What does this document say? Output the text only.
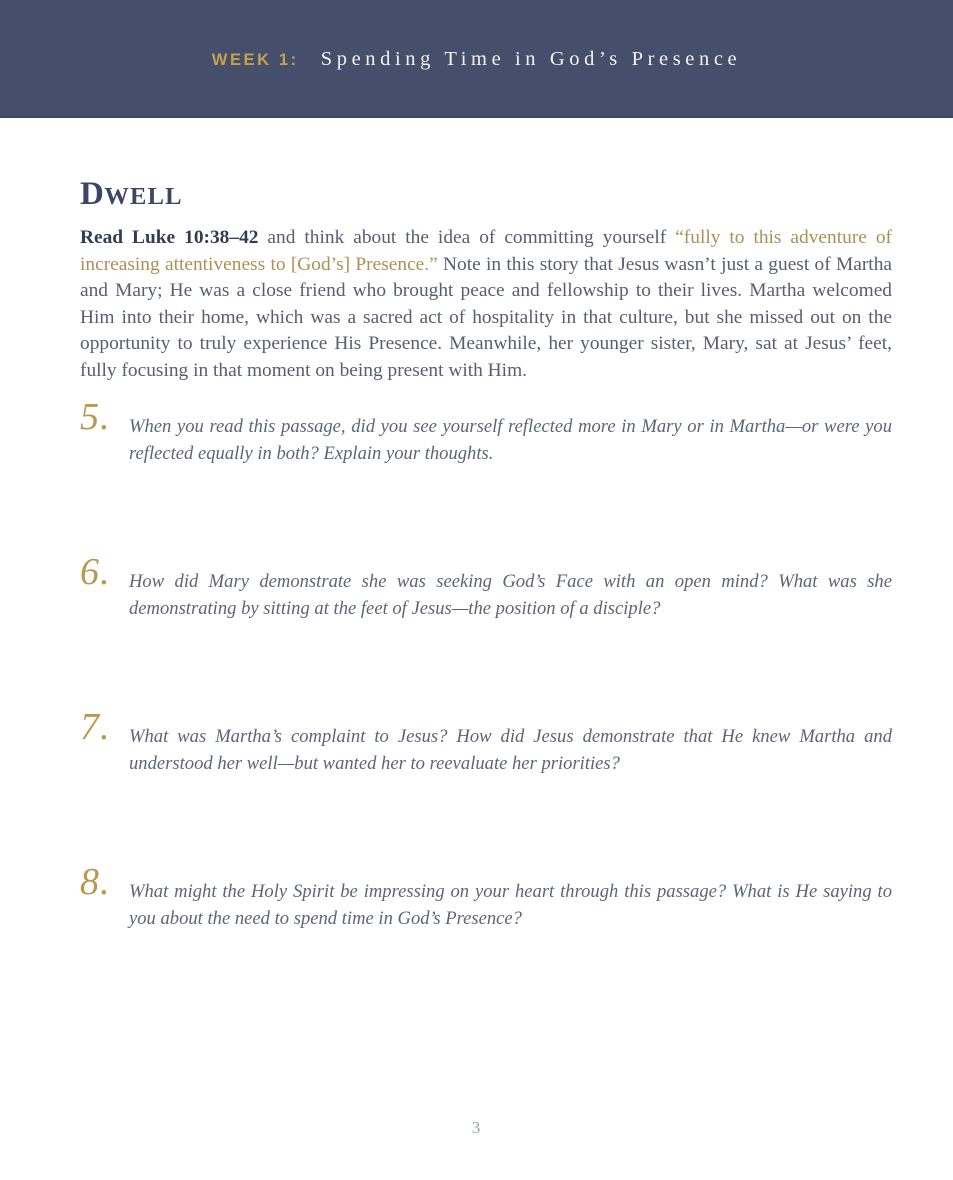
WEEK 1: Spending Time in God’s Presence
DWELL

Read Luke 10:38–42 and think about the idea of committing yourself “fully to this adventure of increasing attentiveness to [God’s] Presence.” Note in this story that Jesus wasn’t just a guest of Martha and Mary; He was a close friend who brought peace and fellowship to their lives. Martha welcomed Him into their home, which was a sacred act of hospitality in that culture, but she missed out on the opportunity to truly experience His Presence. Meanwhile, her younger sister, Mary, sat at Jesus’ feet, fully focusing in that moment on being present with Him.

5. When you read this passage, did you see yourself reflected more in Mary or in Martha—or were you reflected equally in both? Explain your thoughts.
6. How did Mary demonstrate she was seeking God’s Face with an open mind? What was she demonstrating by sitting at the feet of Jesus—the position of a disciple?
7. What was Martha’s complaint to Jesus? How did Jesus demonstrate that He knew Martha and understood her well—but wanted her to reevaluate her priorities?
8. What might the Holy Spirit be impressing on your heart through this passage? What is He saying to you about the need to spend time in God’s Presence?
3
